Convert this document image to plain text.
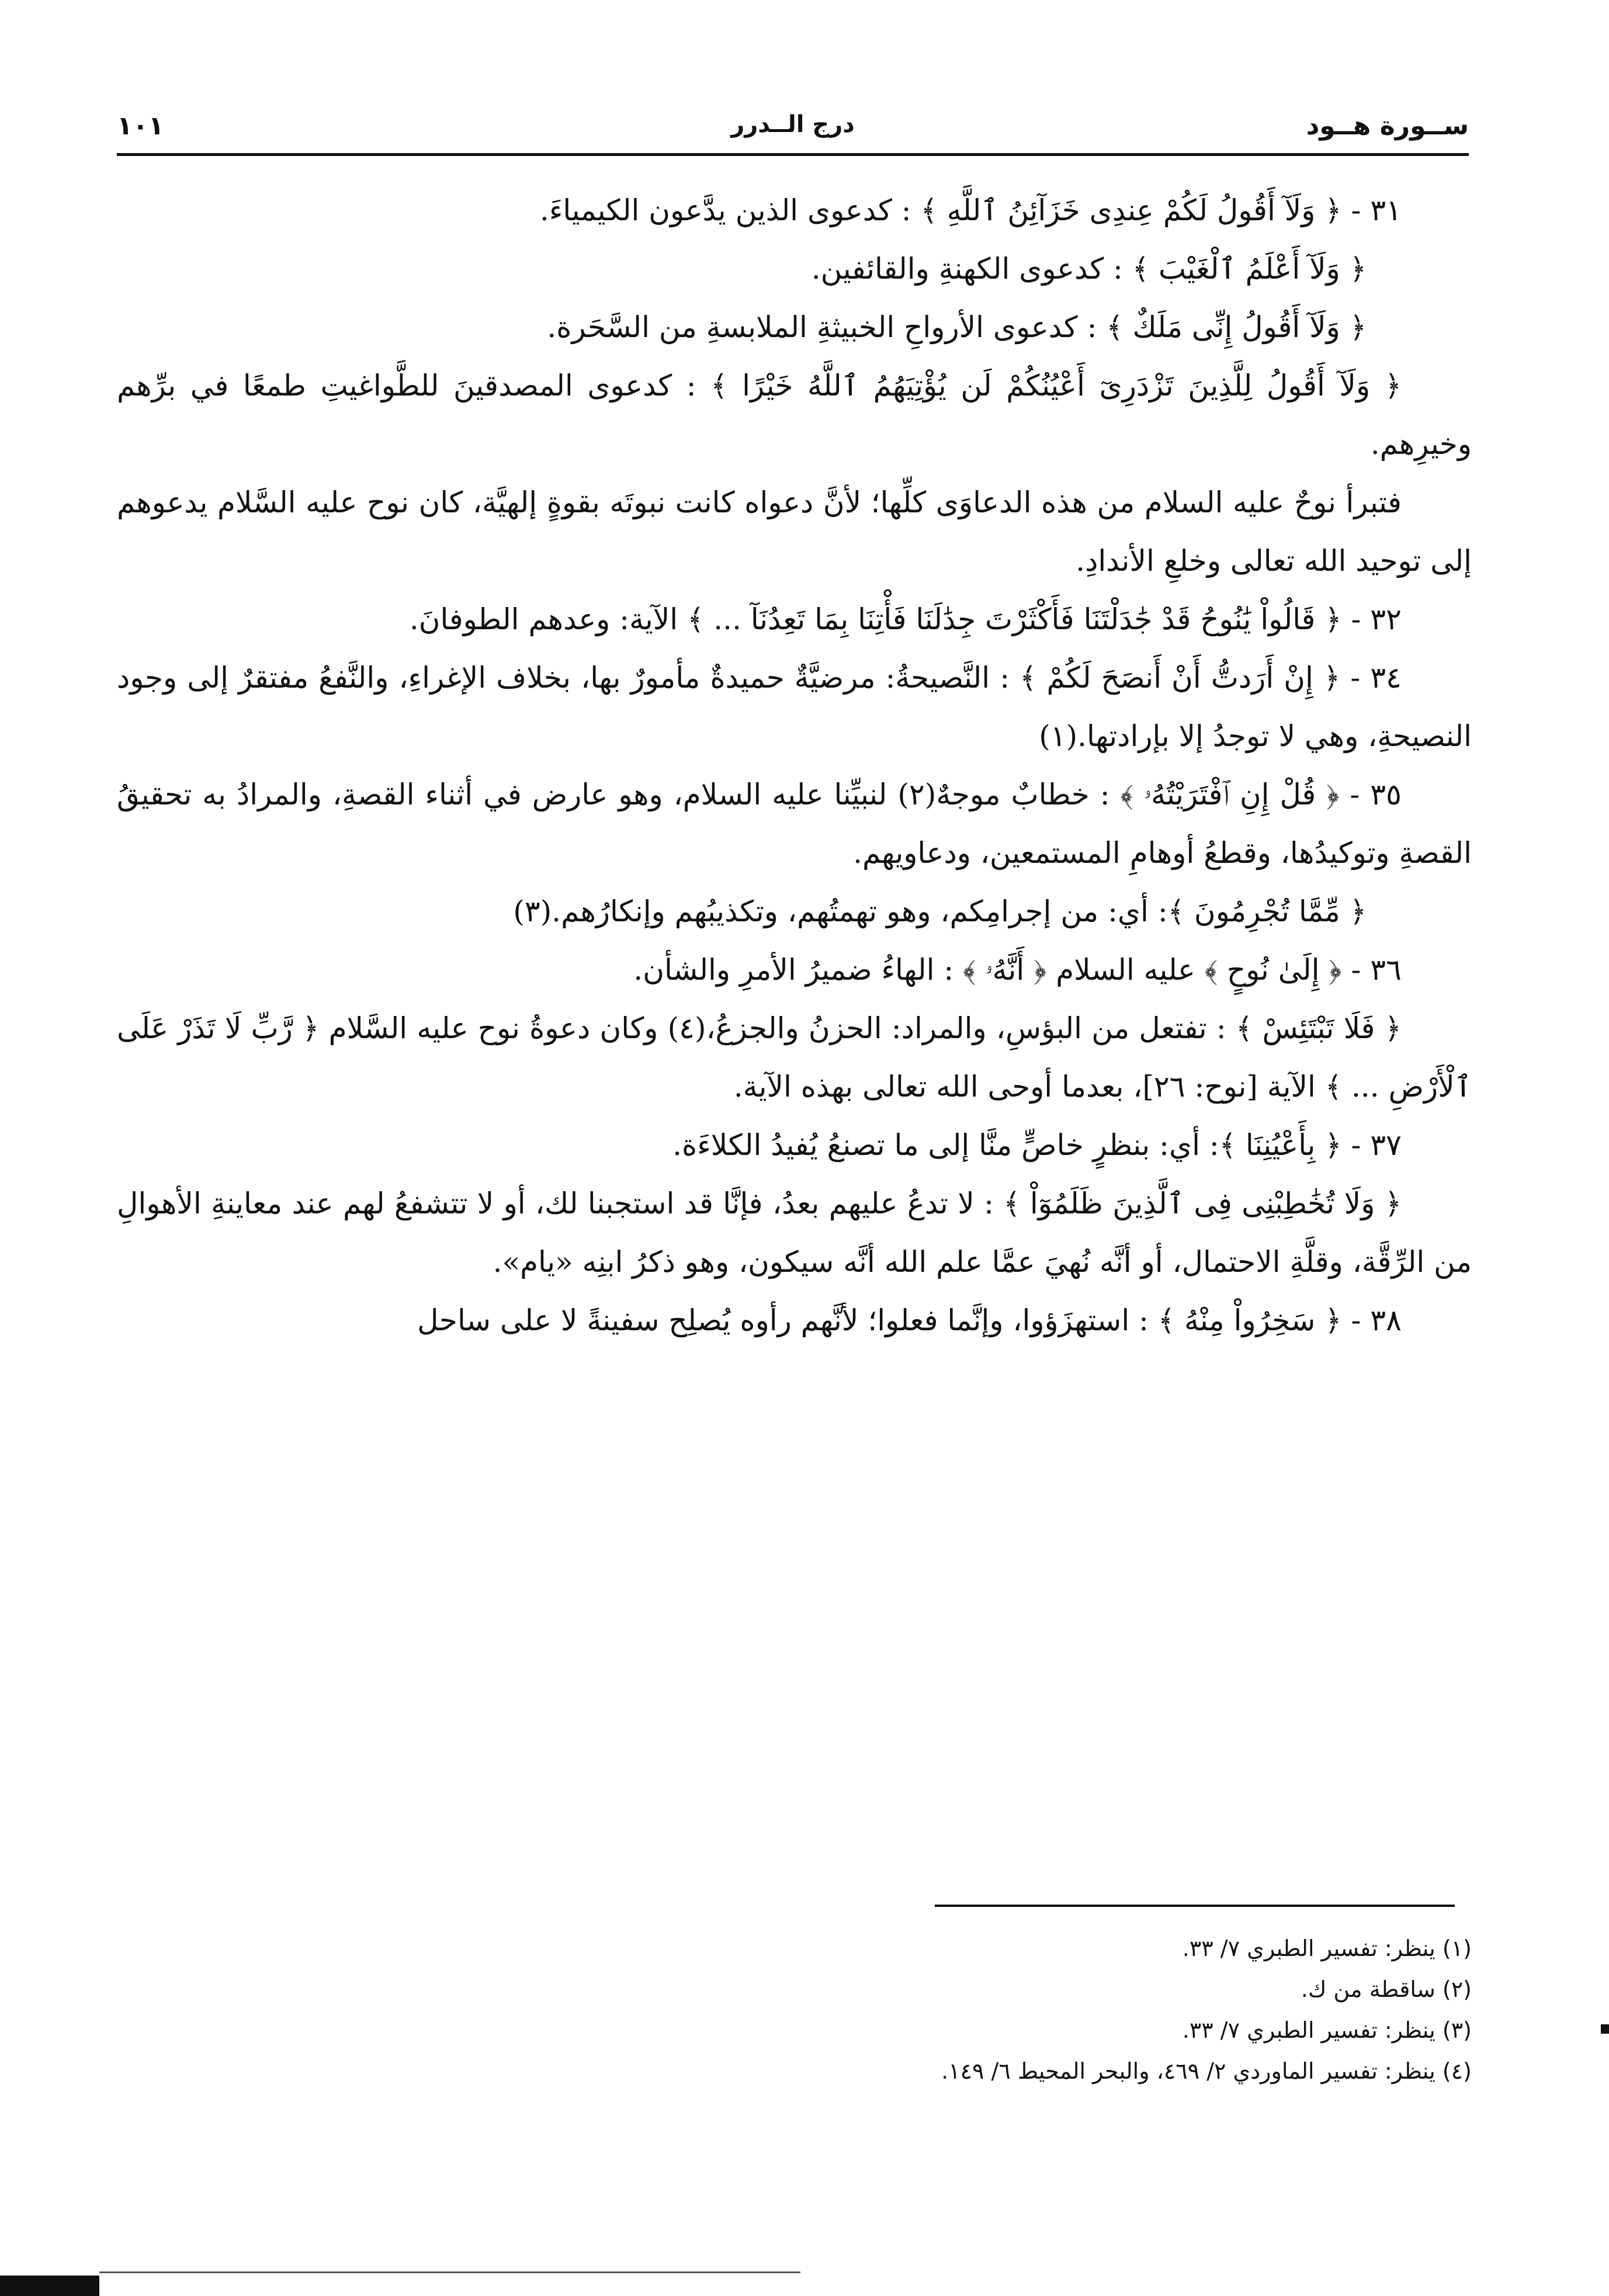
ســورة هــود
درج الــدرر
١٠١

٣١ - ﴿ وَلَآ أَقُولُ لَكُمْ عِندِى خَزَآئِنُ ٱللَّهِ ﴾ : كدعوى الذين يدَّعون الكيمياءَ.

﴿ وَلَآ أَعْلَمُ ٱلْغَيْبَ ﴾ : كدعوى الكهنةِ والقائفين.

﴿ وَلَآ أَقُولُ إِنِّى مَلَكٌ ﴾ : كدعوى الأرواحِ الخبيثةِ الملابسةِ من السَّحَرة.

﴿ وَلَآ أَقُولُ لِلَّذِينَ تَزْدَرِىٓ أَعْيُنُكُمْ لَن يُؤْتِيَهُمُ ٱللَّهُ خَيْرًا ﴾ : كدعوى المصدقينَ للطَّواغيتِ طمعًا في برِّهم وخيرِهم.

فتبرأ نوحٌ عليه السلام من هذه الدعاوَى كلِّها؛ لأنَّ دعواه كانت نبوتَه بقوةٍ إلهيَّة، كان نوح عليه السَّلام يدعوهم إلى توحيد الله تعالى وخلعِ الأندادِ.

٣٢ - ﴿ قَالُواْ يَٰنُوحُ قَدْ جَٰدَلْتَنَا فَأَكْثَرْتَ جِدَٰلَنَا فَأْتِنَا بِمَا تَعِدُنَآ ... ﴾ الآية: وعدهم الطوفانَ.

٣٤ - ﴿ إِنْ أَرَدتُّ أَنْ أَنصَحَ لَكُمْ ﴾ : النَّصيحةُ: مرضيَّةٌ حميدةٌ مأمورٌ بها، بخلاف الإغراءِ، والنَّفعُ مفتقرٌ إلى وجود النصيحةِ، وهي لا توجدُ إلا بإرادتها.(١)

٣٥ - ﴿ قُلْ إِنِ ٱفْتَرَيْتُهُۥ ﴾ : خطابٌ موجهٌ(٢) لنبيِّنا عليه السلام، وهو عارض في أثناء القصةِ، والمرادُ به تحقيقُ القصةِ وتوكيدُها، وقطعُ أوهامِ المستمعين، ودعاويهم.

﴿ مِّمَّا تُجْرِمُونَ ﴾: أي: من إجرامِكم، وهو تهمتُهم، وتكذيبُهم وإنكارُهم.(٣)

٣٦ - ﴿ إِلَىٰ نُوحٍ ﴾ عليه السلام ﴿ أَنَّهُۥ ﴾ : الهاءُ ضميرُ الأمرِ والشأن.

﴿ فَلَا تَبْتَئِسْ ﴾ : تفتعل من البؤسِ، والمراد: الحزنُ والجزعُ،(٤) وكان دعوةُ نوح عليه السَّلام ﴿ رَّبِّ لَا تَذَرْ عَلَى ٱلْأَرْضِ ... ﴾ الآية [نوح: ٢٦]، بعدما أوحى الله تعالى بهذه الآية.

٣٧ - ﴿ بِأَعْيُنِنَا ﴾: أي: بنظرٍ خاصٍّ منَّا إلى ما تصنعُ يُفيدُ الكلاءَة.

﴿ وَلَا تُخَٰطِبْنِى فِى ٱلَّذِينَ ظَلَمُوٓاْ ﴾ : لا تدعُ عليهم بعدُ، فإنَّا قد استجبنا لك، أو لا تتشفعُ لهم عند معاينةِ الأهوالِ من الرِّقَّة، وقلَّةِ الاحتمال، أو أنَّه نُهيَ عمَّا علم الله أنَّه سيكون، وهو ذكرُ ابنِه «يام».

٣٨ - ﴿ سَخِرُواْ مِنْهُ ﴾ : استهزَؤوا، وإنَّما فعلوا؛ لأنَّهم رأوه يُصلِح سفينةً لا على ساحل

(١) ينظر: تفسير الطبري ٧/ ٣٣.
(٢) ساقطة من ك.
(٣) ينظر: تفسير الطبري ٧/ ٣٣.
(٤) ينظر: تفسير الماوردي ٢/ ٤٦٩، والبحر المحيط ٦/ ١٤٩.
